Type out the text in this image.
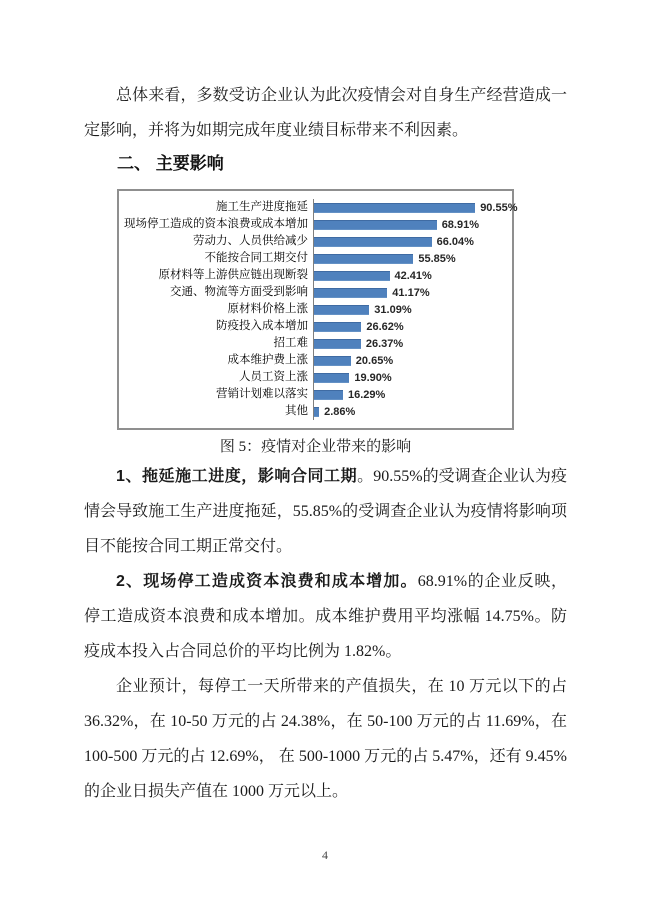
总体来看，多数受访企业认为此次疫情会对自身生产经营造成一定影响，并将为如期完成年度业绩目标带来不利因素。

二、 主要影响
施工生产进度拖延	90.55%
现场停工造成的资本浪费或成本增加	68.91%
劳动力、人员供给减少	66.04%
不能按合同工期交付	55.85%
原材料等上游供应链出现断裂	42.41%
交通、物流等方面受到影响	41.17%
原材料价格上涨	31.09%
防疫投入成本增加	26.62%
招工难	26.37%
成本维护费上涨	20.65%
人员工资上涨	19.90%
营销计划难以落实	16.29%
其他	2.86%

图 5：疫情对企业带来的影响

1、拖延施工进度，影响合同工期。90.55%的受调查企业认为疫情会导致施工生产进度拖延，55.85%的受调查企业认为疫情将影响项目不能按合同工期正常交付。

2、现场停工造成资本浪费和成本增加。68.91%的企业反映，停工造成资本浪费和成本增加。成本维护费用平均涨幅 14.75%。防疫成本投入占合同总价的平均比例为 1.82%。

企业预计，每停工一天所带来的产值损失，在 10 万元以下的占 36.32%，在 10-50 万元的占 24.38%，在 50-100 万元的占 11.69%，在 100-500 万元的占 12.69%， 在 500-1000 万元的占 5.47%，还有 9.45%的企业日损失产值在 1000 万元以上。

4
